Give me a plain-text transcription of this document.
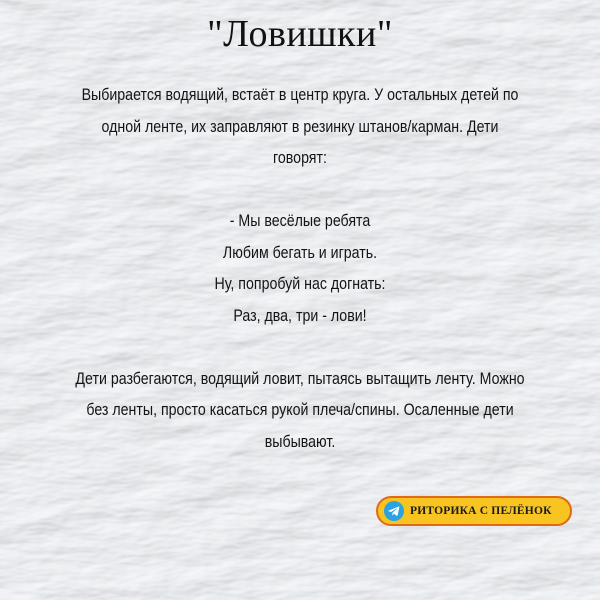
"Ловишки"
Выбирается водящий, встаёт в центр круга. У остальных детей по
одной ленте, их заправляют в резинку штанов/карман. Дети
говорят:
- Мы весёлые ребята
Любим бегать и играть.
Ну, попробуй нас догнать:
Раз, два, три - лови!
Дети разбегаются, водящий ловит, пытаясь вытащить ленту. Можно
без ленты, просто касаться рукой плеча/спины. Осаленные дети
выбывают.
РИТОРИКА С ПЕЛЁНОК
